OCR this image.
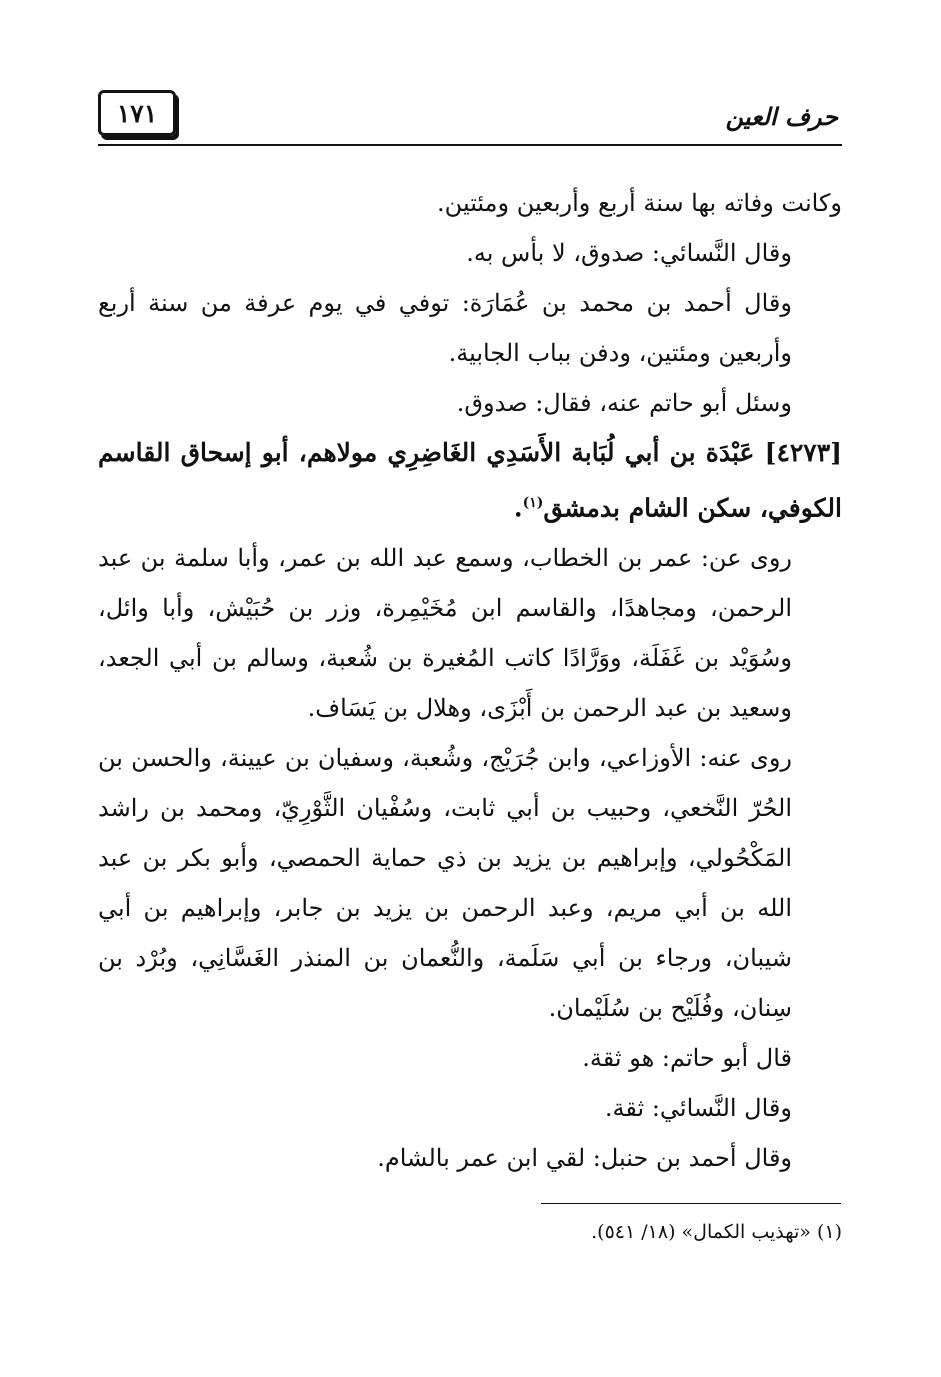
١٧١	حرف العين

وكانت وفاته بها سنة أربع وأربعين ومئتين.

وقال النَّسائي: صدوق، لا بأس به.

وقال أحمد بن محمد بن عُمَارَة: توفي في يوم عرفة من سنة أربع وأربعين ومئتين، ودفن بباب الجابية.

وسئل أبو حاتم عنه، فقال: صدوق.

[٤٢٧٣] عَبْدَة بن أبي لُبَابة الأَسَدِي الغَاضِرِي مولاهم، أبو إسحاق القاسم الكوفي، سكن الشام بدمشق$^{(١)}$.

روى عن: عمر بن الخطاب، وسمع عبد الله بن عمر، وأبا سلمة بن عبد الرحمن، ومجاهدًا، والقاسم ابن مُخَيْمِرة، وزر بن حُبَيْش، وأبا وائل، وسُوَيْد بن غَفَلَة، ووَرَّادًا كاتب المُغيرة بن شُعبة، وسالم بن أبي الجعد، وسعيد بن عبد الرحمن بن أَبْزَى، وهلال بن يَسَاف.

روى عنه: الأوزاعي، وابن جُرَيْج، وشُعبة، وسفيان بن عيينة، والحسن بن الحُرّ النَّخعي، وحبيب بن أبي ثابت، وسُفْيان الثَّوْرِيّ، ومحمد بن راشد المَكْحُولي، وإبراهيم بن يزيد بن ذي حماية الحمصي، وأبو بكر بن عبد الله بن أبي مريم، وعبد الرحمن بن يزيد بن جابر، وإبراهيم بن أبي شيبان، ورجاء بن أبي سَلَمة، والنُّعمان بن المنذر الغَسَّانِي، وبُرْد بن سِنان، وفُلَيْح بن سُلَيْمان.

قال أبو حاتم: هو ثقة.

وقال النَّسائي: ثقة.

وقال أحمد بن حنبل: لقي ابن عمر بالشام.

(١) «تهذيب الكمال» (١٨/ ٥٤١).
